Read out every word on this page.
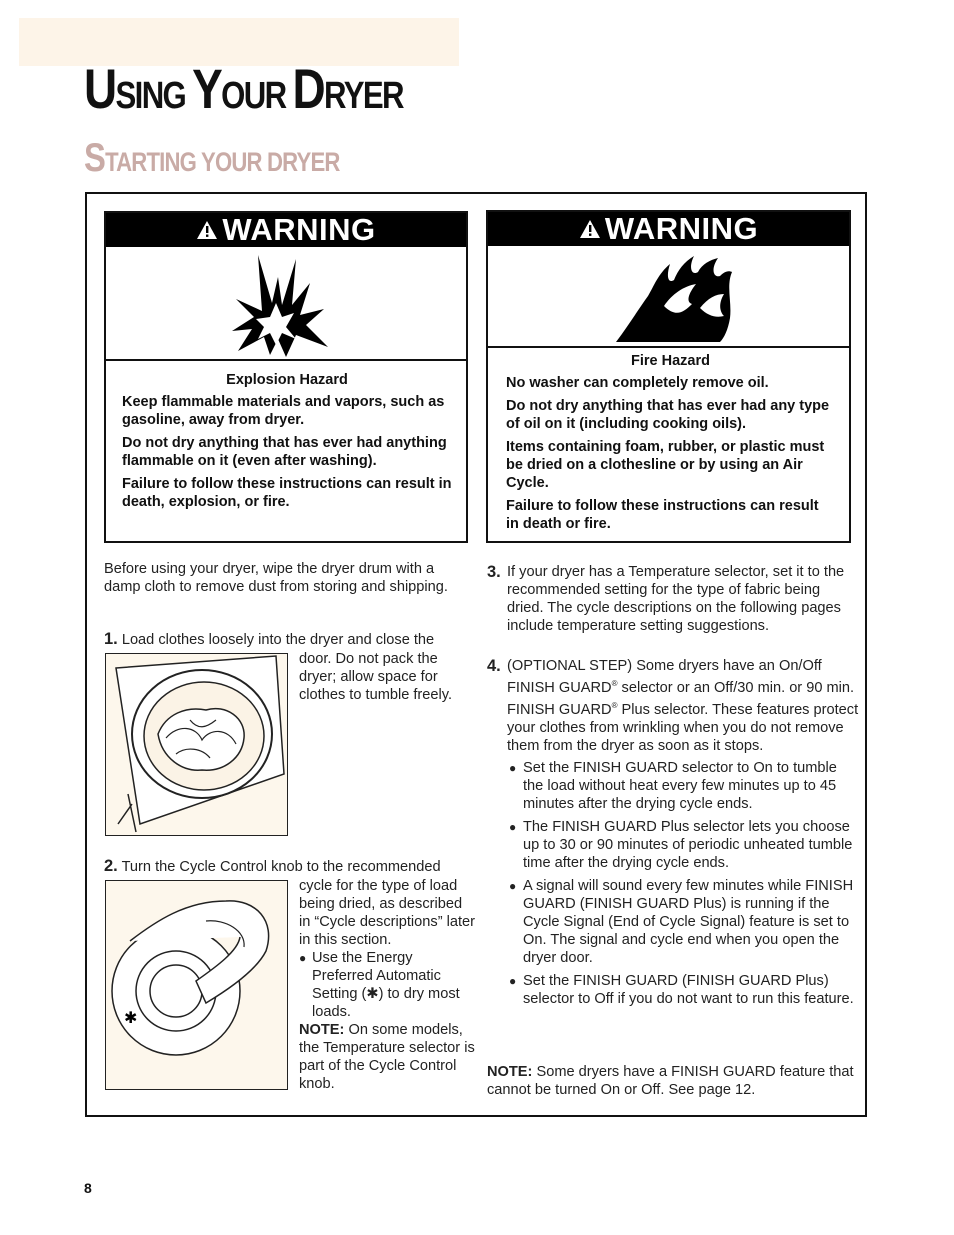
USING YOUR DRYER
STARTING YOUR DRYER
WARNING

Explosion Hazard

Keep flammable materials and vapors, such as gasoline, away from dryer.

Do not dry anything that has ever had anything flammable on it (even after washing).

Failure to follow these instructions can result in death, explosion, or fire.

WARNING

Fire Hazard

No washer can completely remove oil.

Do not dry anything that has ever had any type of oil on it (including cooking oils).

Items containing foam, rubber, or plastic must be dried on a clothesline or by using an Air Cycle.

Failure to follow these instructions can result in death or fire.

Before using your dryer, wipe the dryer drum with a damp cloth to remove dust from storing and shipping.

1. Load clothes loosely into the dryer and close the

door. Do not pack the dryer; allow space for clothes to tumble freely.

2. Turn the Cycle Control knob to the recommended

✱

cycle for the type of load being dried, as described in “Cycle descriptions” later in this section.

● Use the Energy Preferred Automatic Setting (✱) to dry most loads.

NOTE: On some models, the Temperature selector is part of the Cycle Control knob.

3. If your dryer has a Temperature selector, set it to the recommended setting for the type of fabric being dried. The cycle descriptions on the following pages include temperature setting suggestions.

4. (OPTIONAL STEP) Some dryers have an On/Off FINISH GUARD® selector or an Off/30 min. or 90 min. FINISH GUARD® Plus selector. These features protect your clothes from wrinkling when you do not remove them from the dryer as soon as it stops.

● Set the FINISH GUARD selector to On to tumble the load without heat every few minutes up to 45 minutes after the drying cycle ends.

● The FINISH GUARD Plus selector lets you choose up to 30 or 90 minutes of periodic unheated tumble time after the drying cycle ends.

● A signal will sound every few minutes while FINISH GUARD (FINISH GUARD Plus) is running if the Cycle Signal (End of Cycle Signal) feature is set to On. The signal and cycle end when you open the dryer door.

● Set the FINISH GUARD (FINISH GUARD Plus) selector to Off if you do not want to run this feature.

NOTE: Some dryers have a FINISH GUARD feature that cannot be turned On or Off. See page 12.

8
